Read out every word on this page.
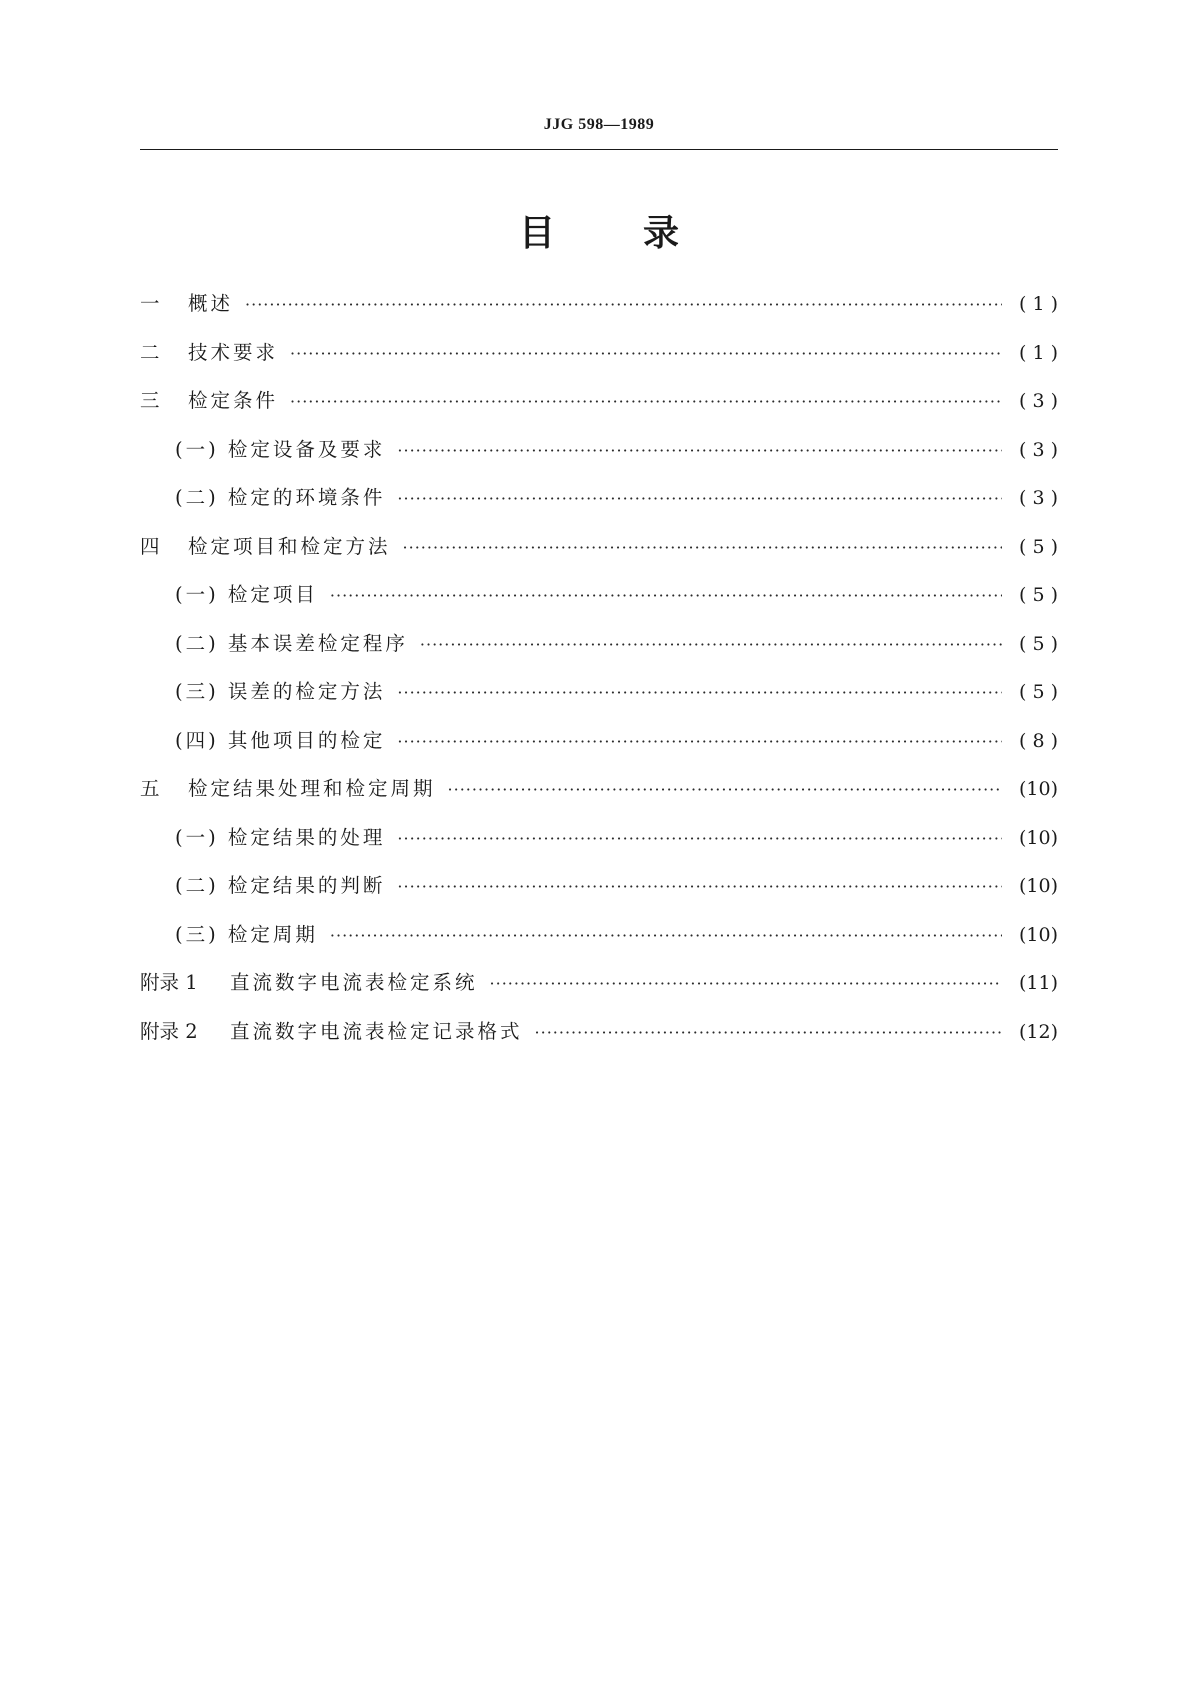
JJG 598—1989
目录
一	概述 ·····	( 1 )
二	技术要求 ·····	( 1 )
三	检定条件 ·····	( 3 )
(一) 检定设备及要求 ·····	( 3 )
(二) 检定的环境条件 ·····	( 3 )
四	检定项目和检定方法 ·····	( 5 )
(一) 检定项目 ·····	( 5 )
(二) 基本误差检定程序 ·····	( 5 )
(三) 误差的检定方法 ·····	( 5 )
(四) 其他项目的检定 ·····	( 8 )
五	检定结果处理和检定周期 ·····	(10)
(一) 检定结果的处理 ·····	(10)
(二) 检定结果的判断 ·····	(10)
(三) 检定周期 ·····	(10)
附录 1	直流数字电流表检定系统 ·····	(11)
附录 2	直流数字电流表检定记录格式 ·····	(12)
